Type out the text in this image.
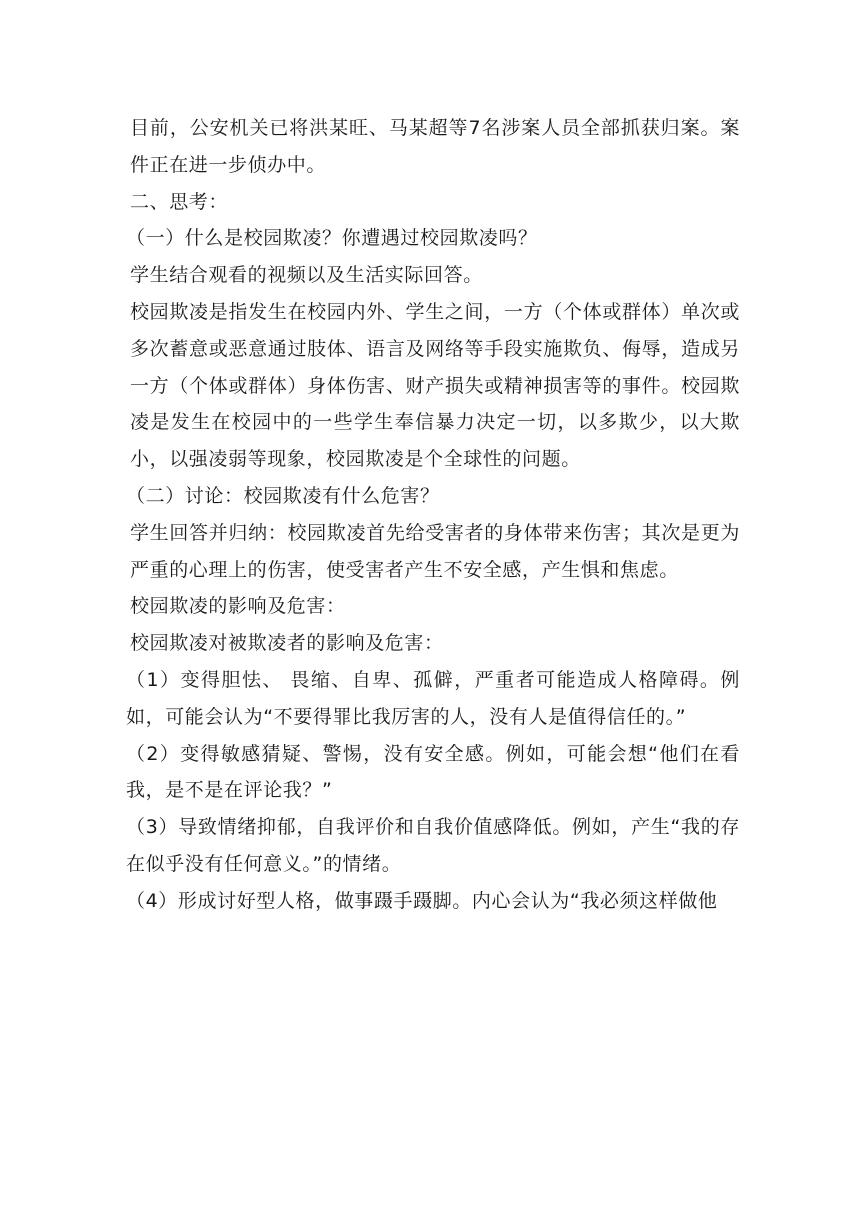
目前，公安机关已将洪某旺、马某超等7名涉案人员全部抓获归案。案件正在进一步侦办中。

二、思考：

（一）什么是校园欺凌？你遭遇过校园欺凌吗？

学生结合观看的视频以及生活实际回答。

校园欺凌是指发生在校园内外、学生之间，一方（个体或群体）单次或多次蓄意或恶意通过肢体、语言及网络等手段实施欺负、侮辱，造成另一方（个体或群体）身体伤害、财产损失或精神损害等的事件。校园欺凌是发生在校园中的一些学生奉信暴力决定一切，以多欺少，以大欺小，以强凌弱等现象，校园欺凌是个全球性的问题。

（二）讨论：校园欺凌有什么危害？

学生回答并归纳：校园欺凌首先给受害者的身体带来伤害；其次是更为严重的心理上的伤害，使受害者产生不安全感，产生惧和焦虑。

校园欺凌的影响及危害：

校园欺凌对被欺凌者的影响及危害：

（1）变得胆怯、 畏缩、自卑、孤僻，严重者可能造成人格障碍。例如，可能会认为“不要得罪比我厉害的人，没有人是值得信任的。”

（2）变得敏感猜疑、警惕，没有安全感。例如，可能会想“他们在看我，是不是在评论我？”

（3）导致情绪抑郁，自我评价和自我价值感降低。例如，产生“我的存在似乎没有任何意义。”的情绪。

（4）形成讨好型人格，做事蹑手蹑脚。内心会认为“我必须这样做他
